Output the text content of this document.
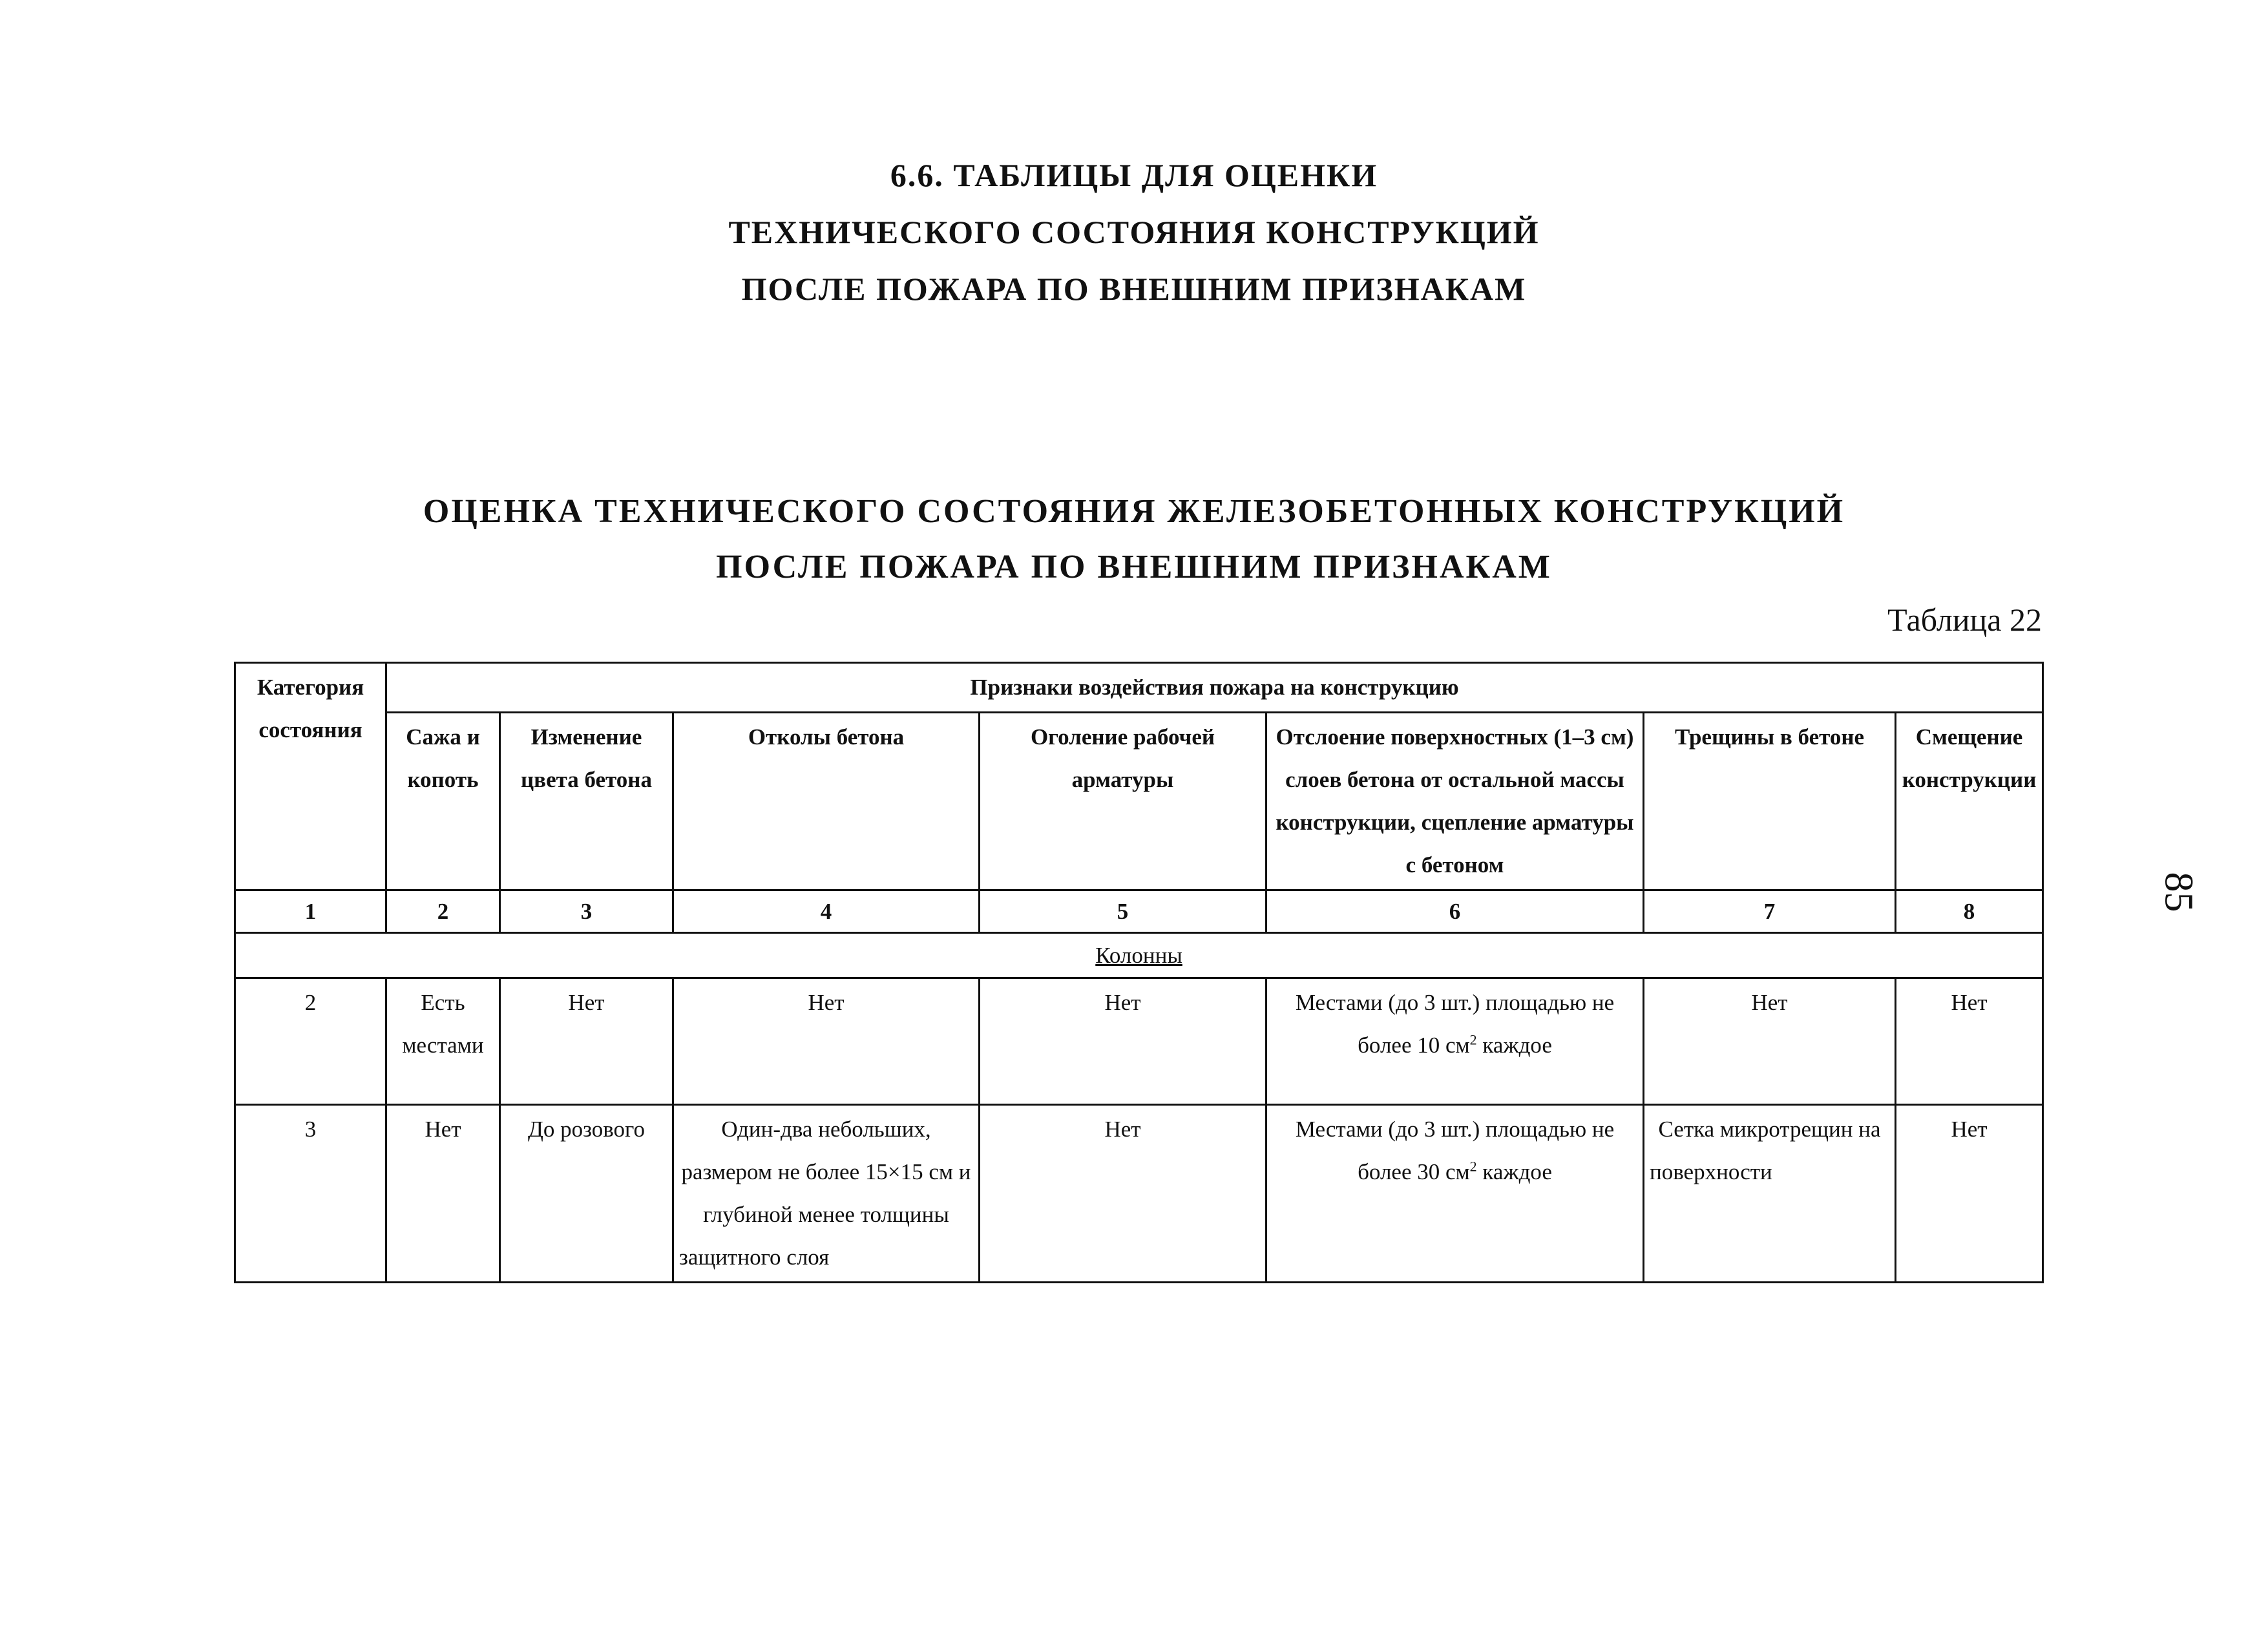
6.6. ТАБЛИЦЫ ДЛЯ ОЦЕНКИ
ТЕХНИЧЕСКОГО СОСТОЯНИЯ КОНСТРУКЦИЙ
ПОСЛЕ ПОЖАРА ПО ВНЕШНИМ ПРИЗНАКАМ
ОЦЕНКА ТЕХНИЧЕСКОГО СОСТОЯНИЯ ЖЕЛЕЗОБЕТОННЫХ КОНСТРУКЦИЙ
ПОСЛЕ ПОЖАРА ПО ВНЕШНИМ ПРИЗНАКАМ
Таблица 22
85
Категория состояния	Признаки воздействия пожара на конструкцию						
	Сажа и копоть	Изменение цвета бетона	Отколы бетона	Оголение рабочей арматуры	Отслоение поверхностных (1–3 см) слоев бетона от остальной массы конструкции, сцепление арматуры с бетоном	Трещины в бетоне	Смещение конструкции
1	2	3	4	5	6	7	8
Колонны							
2	Есть местами	Нет	Нет	Нет	Местами (до 3 шт.) площадью не более 10 $см^2$ каждое	Нет	Нет
3	Нет	До розового	Один-два небольших, размером не более 15×15 см и глубиной менее толщины защитного слоя	Нет	Местами (до 3 шт.) площадью не более 30 $см^2$ каждое	Сетка микротрещин на поверхности	Нет
